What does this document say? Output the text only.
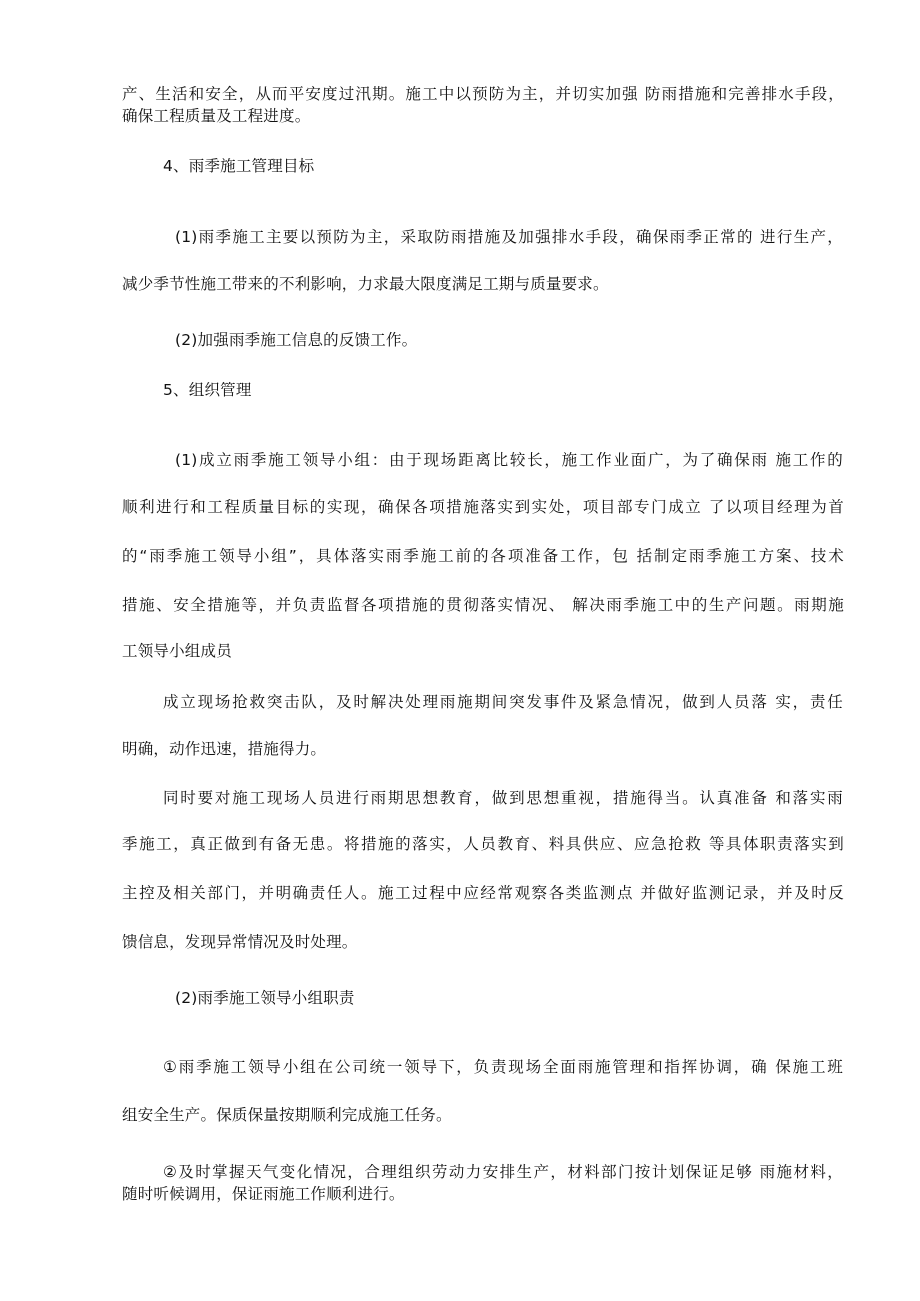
产、生活和安全，从而平安度过汛期。施工中以预防为主，并切实加强 防雨措施和完善排水手段，
确保工程质量及工程进度。
4、雨季施工管理目标
(1)雨季施工主要以预防为主，采取防雨措施及加强排水手段，确保雨季正常的 进行生产，
减少季节性施工带来的不利影响，力求最大限度满足工期与质量要求。
(2)加强雨季施工信息的反馈工作。
5、组织管理
(1)成立雨季施工领导小组：由于现场距离比较长，施工作业面广，为了确保雨 施工作的
顺利进行和工程质量目标的实现，确保各项措施落实到实处，项目部专门成立 了以项目经理为首
的“雨季施工领导小组”，具体落实雨季施工前的各项准备工作，包 括制定雨季施工方案、技术
措施、安全措施等，并负责监督各项措施的贯彻落实情况、 解决雨季施工中的生产问题。雨期施
工领导小组成员
成立现场抢救突击队，及时解决处理雨施期间突发事件及紧急情况，做到人员落 实，责任
明确，动作迅速，措施得力。
同时要对施工现场人员进行雨期思想教育，做到思想重视，措施得当。认真准备 和落实雨
季施工，真正做到有备无患。将措施的落实，人员教育、料具供应、应急抢救 等具体职责落实到
主控及相关部门，并明确责任人。施工过程中应经常观察各类监测点 并做好监测记录，并及时反
馈信息，发现异常情况及时处理。
(2)雨季施工领导小组职责
①雨季施工领导小组在公司统一领导下，负责现场全面雨施管理和指挥协调，确 保施工班
组安全生产。保质保量按期顺利完成施工任务。
②及时掌握天气变化情况，合理组织劳动力安排生产，材料部门按计划保证足够 雨施材料，
随时听候调用，保证雨施工作顺利进行。
